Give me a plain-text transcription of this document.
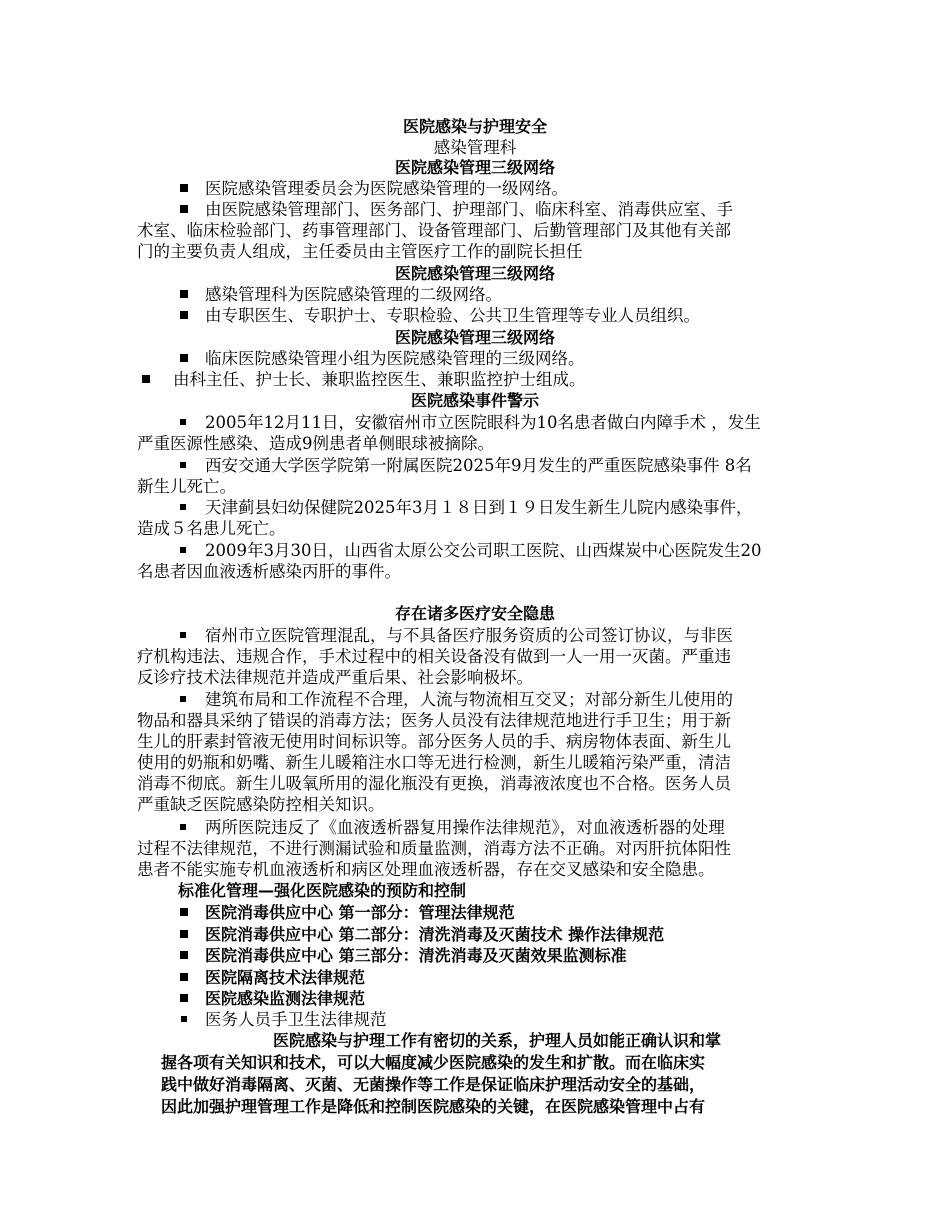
医院感染与护理安全
感染管理科
医院感染管理三级网络
医院感染管理委员会为医院感染管理的一级网络。
由医院感染管理部门、医务部门、护理部门、临床科室、消毒供应室、手
术室、临床检验部门、药事管理部门、设备管理部门、后勤管理部门及其他有关部
门的主要负责人组成，主任委员由主管医疗工作的副院长担任
医院感染管理三级网络
感染管理科为医院感染管理的二级网络。
由专职医生、专职护士、专职检验、公共卫生管理等专业人员组织。
医院感染管理三级网络
临床医院感染管理小组为医院感染管理的三级网络。
由科主任、护士长、兼职监控医生、兼职监控护士组成。
医院感染事件警示
2005年12月11日，安徽宿州市立医院眼科为10名患者做白内障手术 ，发生
严重医源性感染、造成9例患者单侧眼球被摘除。
西安交通大学医学院第一附属医院2025年9月发生的严重医院感染事件 8名
新生儿死亡。
天津蓟县妇幼保健院2025年3月１８日到１９日发生新生儿院内感染事件，
造成５名患儿死亡。
2009年3月30日，山西省太原公交公司职工医院、山西煤炭中心医院发生20
名患者因血液透析感染丙肝的事件。
存在诸多医疗安全隐患
宿州市立医院管理混乱，与不具备医疗服务资质的公司签订协议，与非医
疗机构违法、违规合作，手术过程中的相关设备没有做到一人一用一灭菌。严重违
反诊疗技术法律规范并造成严重后果、社会影响极坏。
建筑布局和工作流程不合理，人流与物流相互交叉；对部分新生儿使用的
物品和器具采纳了错误的消毒方法；医务人员没有法律规范地进行手卫生；用于新
生儿的肝素封管液无使用时间标识等。部分医务人员的手、病房物体表面、新生儿
使用的奶瓶和奶嘴、新生儿暖箱注水口等无进行检测，新生儿暖箱污染严重，清洁
消毒不彻底。新生儿吸氧所用的湿化瓶没有更换，消毒液浓度也不合格。医务人员
严重缺乏医院感染防控相关知识。
两所医院违反了《血液透析器复用操作法律规范》，对血液透析器的处理
过程不法律规范，不进行测漏试验和质量监测，消毒方法不正确。对丙肝抗体阳性
患者不能实施专机血液透析和病区处理血液透析器，存在交叉感染和安全隐患。
标准化管理—强化医院感染的预防和控制
医院消毒供应中心 第一部分：管理法律规范
医院消毒供应中心 第二部分：清洗消毒及灭菌技术 操作法律规范
医院消毒供应中心 第三部分：清洗消毒及灭菌效果监测标准
医院隔离技术法律规范
医院感染监测法律规范
医务人员手卫生法律规范
医院感染与护理工作有密切的关系，护理人员如能正确认识和掌
握各项有关知识和技术，可以大幅度减少医院感染的发生和扩散。而在临床实
践中做好消毒隔离、灭菌、无菌操作等工作是保证临床护理活动安全的基础，
因此加强护理管理工作是降低和控制医院感染的关键，在医院感染管理中占有
